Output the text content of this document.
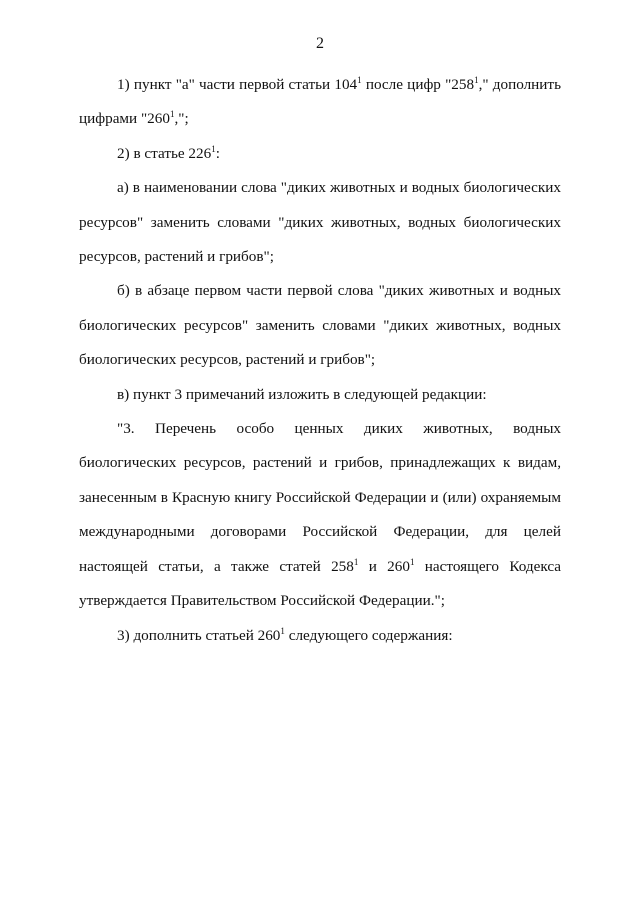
2

1) пункт "а" части первой статьи $104^1$ после цифр "$258^1$," дополнить цифрами "$260^1$,";

2) в статье $226^1$:

а) в наименовании слова "диких животных и водных биологических ресурсов" заменить словами "диких животных, водных биологических ресурсов, растений и грибов";

б) в абзаце первом части первой слова "диких животных и водных биологических ресурсов" заменить словами "диких животных, водных биологических ресурсов, растений и грибов";

в) пункт 3 примечаний изложить в следующей редакции:

"3. Перечень особо ценных диких животных, водных биологических ресурсов, растений и грибов, принадлежащих к видам, занесенным в Красную книгу Российской Федерации и (или) охраняемым международными договорами Российской Федерации, для целей настоящей статьи, а также статей $258^1$ и $260^1$ настоящего Кодекса утверждается Правительством Российской Федерации.";

3) дополнить статьей $260^1$ следующего содержания:
